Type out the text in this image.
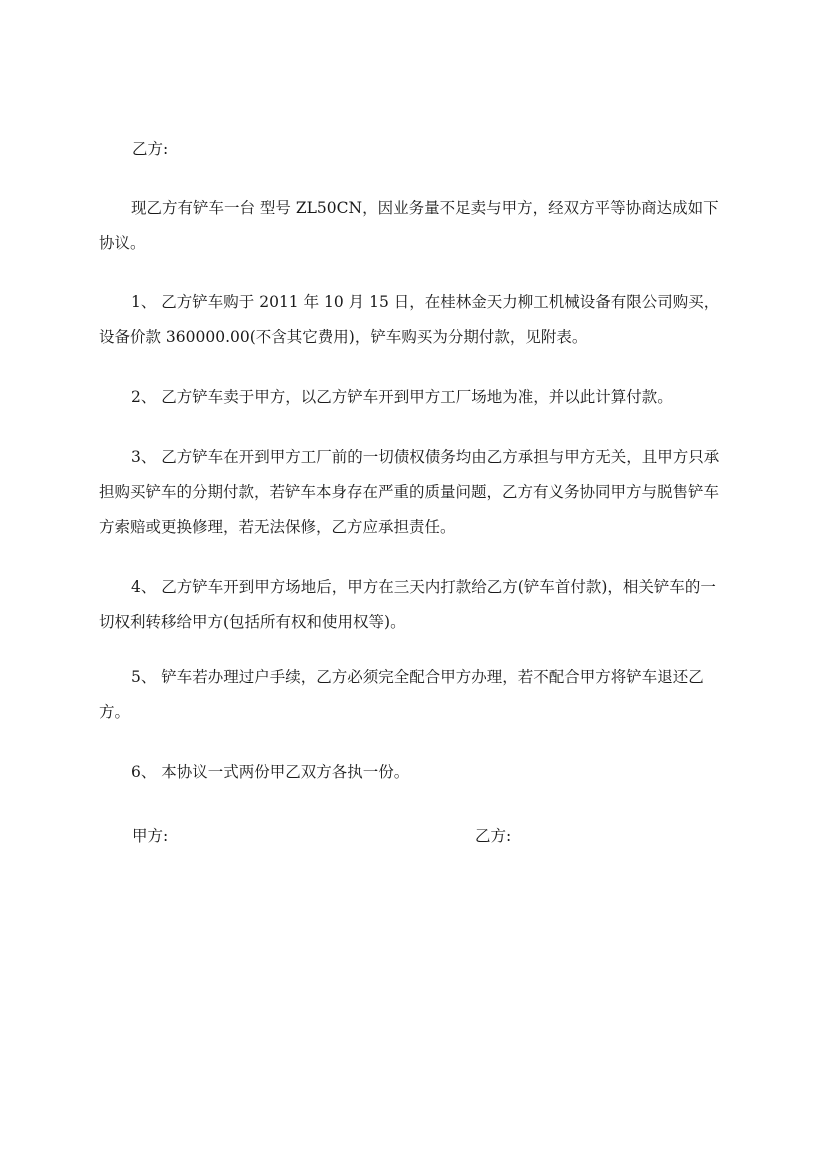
乙方:

现乙方有铲车一台 型号 ZL50CN，因业务量不足卖与甲方，经双方平等协商达成如下协议。

1、 乙方铲车购于 2011 年 10 月 15 日，在桂林金天力柳工机械设备有限公司购买，设备价款 360000.00(不含其它费用)，铲车购买为分期付款，见附表。

2、 乙方铲车卖于甲方，以乙方铲车开到甲方工厂场地为准，并以此计算付款。

3、 乙方铲车在开到甲方工厂前的一切债权债务均由乙方承担与甲方无关，且甲方只承担购买铲车的分期付款，若铲车本身存在严重的质量问题，乙方有义务协同甲方与脱售铲车方索赔或更换修理，若无法保修，乙方应承担责任。

4、 乙方铲车开到甲方场地后，甲方在三天内打款给乙方(铲车首付款)，相关铲车的一切权利转移给甲方(包括所有权和使用权等)。

5、 铲车若办理过户手续，乙方必须完全配合甲方办理，若不配合甲方将铲车退还乙方。

6、 本协议一式两份甲乙双方各执一份。

甲方:	乙方:
